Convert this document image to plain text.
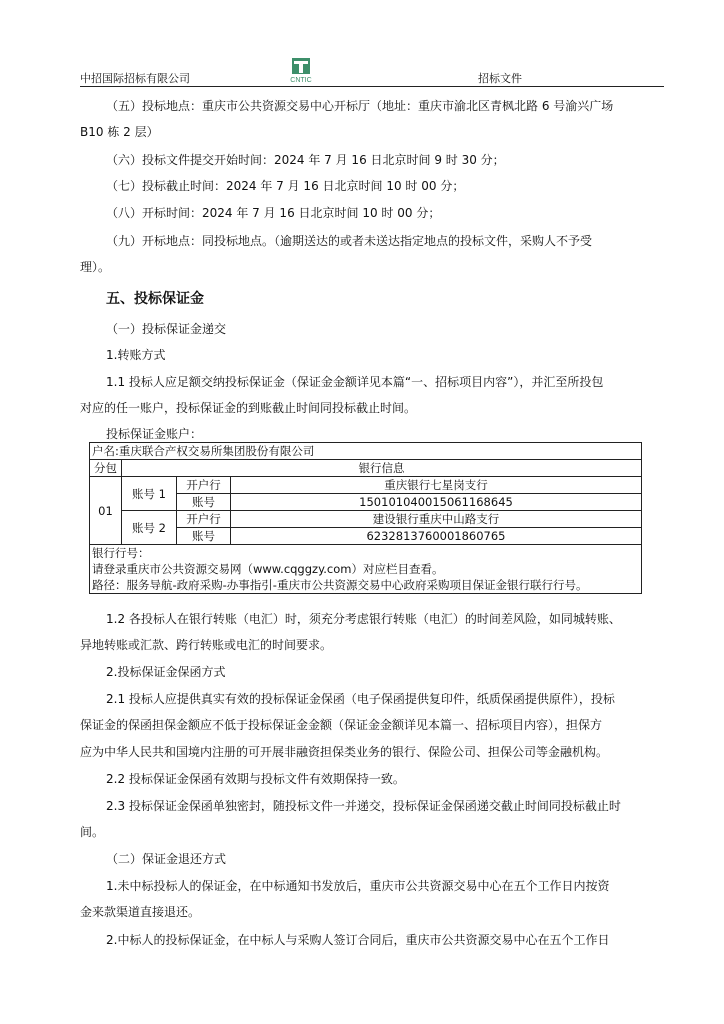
中招国际招标有限公司	CNTIC	招标文件

（五）投标地点：重庆市公共资源交易中心开标厅（地址：重庆市渝北区青枫北路 6 号渝兴广场

B10 栋 2 层）

（六）投标文件提交开始时间：2024 年 7 月 16 日北京时间 9 时 30 分；

（七）投标截止时间：2024 年 7 月 16 日北京时间 10 时 00 分；

（八）开标时间：2024 年 7 月 16 日北京时间 10 时 00 分；

（九）开标地点：同投标地点。（逾期送达的或者未送达指定地点的投标文件，采购人不予受

理）。

五、投标保证金

（一）投标保证金递交

1.转账方式

1.1 投标人应足额交纳投标保证金（保证金金额详见本篇“一、招标项目内容”），并汇至所投包

对应的任一账户，投标保证金的到账截止时间同投标截止时间。

投标保证金账户：
户名:重庆联合产权交易所集团股份有限公司			
分包	银行信息		
01	账号 1	开户行	重庆银行七星岗支行
		账号	150101040015061168645
	账号 2	开户行	建设银行重庆中山路支行
		账号	6232813760001860765

银行行号：
请登录重庆市公共资源交易网（www.cqggzy.com）对应栏目查看。
路径：服务导航-政府采购-办事指引-重庆市公共资源交易中心政府采购项目保证金银行联行行号。			

1.2 各投标人在银行转账（电汇）时，须充分考虑银行转账（电汇）的时间差风险，如同城转账、

异地转账或汇款、跨行转账或电汇的时间要求。

2.投标保证金保函方式

2.1 投标人应提供真实有效的投标保证金保函（电子保函提供复印件，纸质保函提供原件），投标

保证金的保函担保金额应不低于投标保证金金额（保证金金额详见本篇一、招标项目内容），担保方

应为中华人民共和国境内注册的可开展非融资担保类业务的银行、保险公司、担保公司等金融机构。

2.2 投标保证金保函有效期与投标文件有效期保持一致。

2.3 投标保证金保函单独密封，随投标文件一并递交，投标保证金保函递交截止时间同投标截止时

间。

（二）保证金退还方式

1.未中标投标人的保证金，在中标通知书发放后，重庆市公共资源交易中心在五个工作日内按资

金来款渠道直接退还。

2.中标人的投标保证金，在中标人与采购人签订合同后，重庆市公共资源交易中心在五个工作日
